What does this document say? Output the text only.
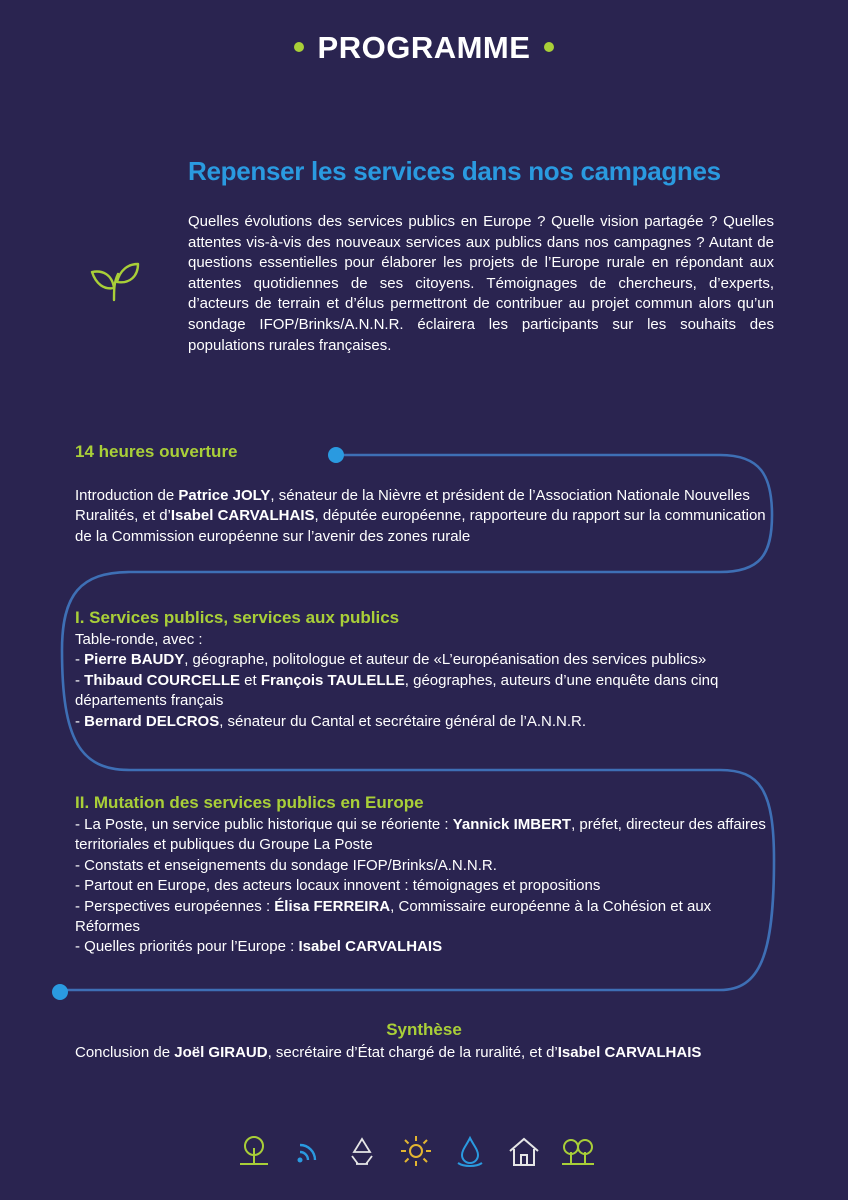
PROGRAMME
Repenser les services dans nos campagnes
Quelles évolutions des services publics en Europe ? Quelle vision partagée ? Quelles attentes vis-à-vis des nouveaux services aux publics dans nos campagnes ? Autant de questions essentielles pour élaborer les projets de l’Europe rurale en répondant aux attentes quotidiennes de ses citoyens. Témoignages de chercheurs, d’experts, d’acteurs de terrain et d’élus permettront de contribuer au projet commun alors qu’un sondage IFOP/Brinks/A.N.N.R. éclairera les participants sur les souhaits des populations rurales françaises.
14 heures ouverture
Introduction de Patrice JOLY, sénateur de la Nièvre et président de l’Association Nationale Nouvelles Ruralités, et d’Isabel CARVALHAIS, députée européenne, rapporteure du rapport sur la communication de la Commission européenne sur l’avenir des zones rurale
I. Services publics, services aux publics

Table-ronde, avec :

- Pierre BAUDY, géographe, politologue et auteur de «L’européanisation des services publics»

- Thibaud COURCELLE et François TAULELLE, géographes, auteurs d’une enquête dans cinq départements français

- Bernard DELCROS, sénateur du Cantal et secrétaire général de l’A.N.N.R.

II. Mutation des services publics en Europe

- La Poste, un service public historique qui se réoriente : Yannick IMBERT, préfet, directeur des affaires territoriales et publiques du Groupe La Poste

- Constats et enseignements du sondage IFOP/Brinks/A.N.N.R.

- Partout en Europe, des acteurs locaux innovent : témoignages et propositions

- Perspectives européennes : Élisa FERREIRA, Commissaire européenne à la Cohésion et aux Réformes

- Quelles priorités pour l’Europe : Isabel CARVALHAIS

Synthèse
Conclusion de Joël GIRAUD, secrétaire d’État chargé de la ruralité, et d’Isabel CARVALHAIS
